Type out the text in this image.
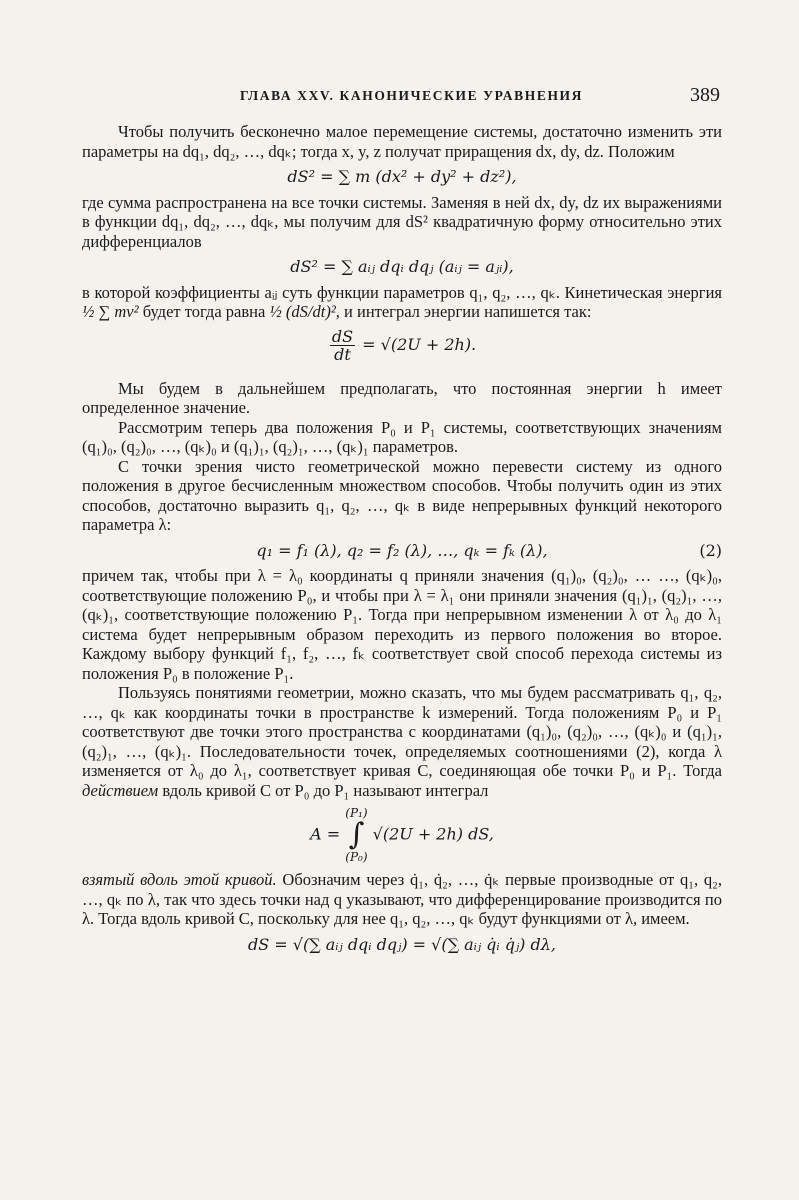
ГЛАВА XXV. КАНОНИЧЕСКИЕ УРАВНЕНИЯ	389

Чтобы получить бесконечно малое перемещение системы, достаточно изменить эти параметры на dq₁, dq₂, …, dqₖ; тогда x, y, z получат приращения dx, dy, dz. Положим

dS² = ∑ m (dx² + dy² + dz²),

где сумма распространена на все точки системы. Заменяя в ней dx, dy, dz их выражениями в функции dq₁, dq₂, …, dqₖ, мы получим для dS² квадратичную форму относительно этих дифференциалов

dS² = ∑ aᵢⱼ dqᵢ dqⱼ (aᵢⱼ = aⱼᵢ),

в которой коэффициенты aᵢⱼ суть функции параметров q₁, q₂, …, qₖ. Кинетическая энергия ½ ∑ mv² будет тогда равна ½ (dS/dt)², и интеграл энергии напишется так:

$\frac{dS}{dt} = √(2U + 2h)$.

Мы будем в дальнейшем предполагать, что постоянная энергии h имеет определенное значение.

Рассмотрим теперь два положения P₀ и P₁ системы, соответствующих значениям (q₁)₀, (q₂)₀, …, (qₖ)₀ и (q₁)₁, (q₂)₁, …, (qₖ)₁ параметров.

С точки зрения чисто геометрической можно перевести систему из одного положения в другое бесчисленным множеством способов. Чтобы получить один из этих способов, достаточно выразить q₁, q₂, …, qₖ в виде непрерывных функций некоторого параметра λ:

q₁ = f₁ (λ), q₂ = f₂ (λ), …, qₖ = fₖ (λ),	(2)

причем так, чтобы при λ = λ₀ координаты q приняли значения (q₁)₀, (q₂)₀, … …, (qₖ)₀, соответствующие положению P₀, и чтобы при λ = λ₁ они приняли значения (q₁)₁, (q₂)₁, …, (qₖ)₁, соответствующие положению P₁. Тогда при непрерывном изменении λ от λ₀ до λ₁ система будет непрерывным образом переходить из первого положения во второе. Каждому выбору функций f₁, f₂, …, fₖ соответствует свой способ перехода системы из положения P₀ в положение P₁.

Пользуясь понятиями геометрии, можно сказать, что мы будем рассматривать q₁, q₂, …, qₖ как координаты точки в пространстве k измерений. Тогда положениям P₀ и P₁ соответствуют две точки этого пространства с координатами (q₁)₀, (q₂)₀, …, (qₖ)₀ и (q₁)₁, (q₂)₁, …, (qₖ)₁. Последовательности точек, определяемых соотношениями (2), когда λ изменяется от λ₀ до λ₁, соответствует кривая C, соединяющая обе точки P₀ и P₁. Тогда действием вдоль кривой C от P₀ до P₁ называют интеграл

A = (P₁)
∫
(P₀) √(2U + 2h) dS,

взятый вдоль этой кривой. Обозначим через q̇₁, q̇₂, …, q̇ₖ первые производные от q₁, q₂, …, qₖ по λ, так что здесь точки над q указывают, что дифференцирование производится по λ. Тогда вдоль кривой C, поскольку для нее q₁, q₂, …, qₖ будут функциями от λ, имеем.

dS = √(∑ aᵢⱼ dqᵢ dqⱼ) = √(∑ aᵢⱼ q̇ᵢ q̇ⱼ) dλ,
